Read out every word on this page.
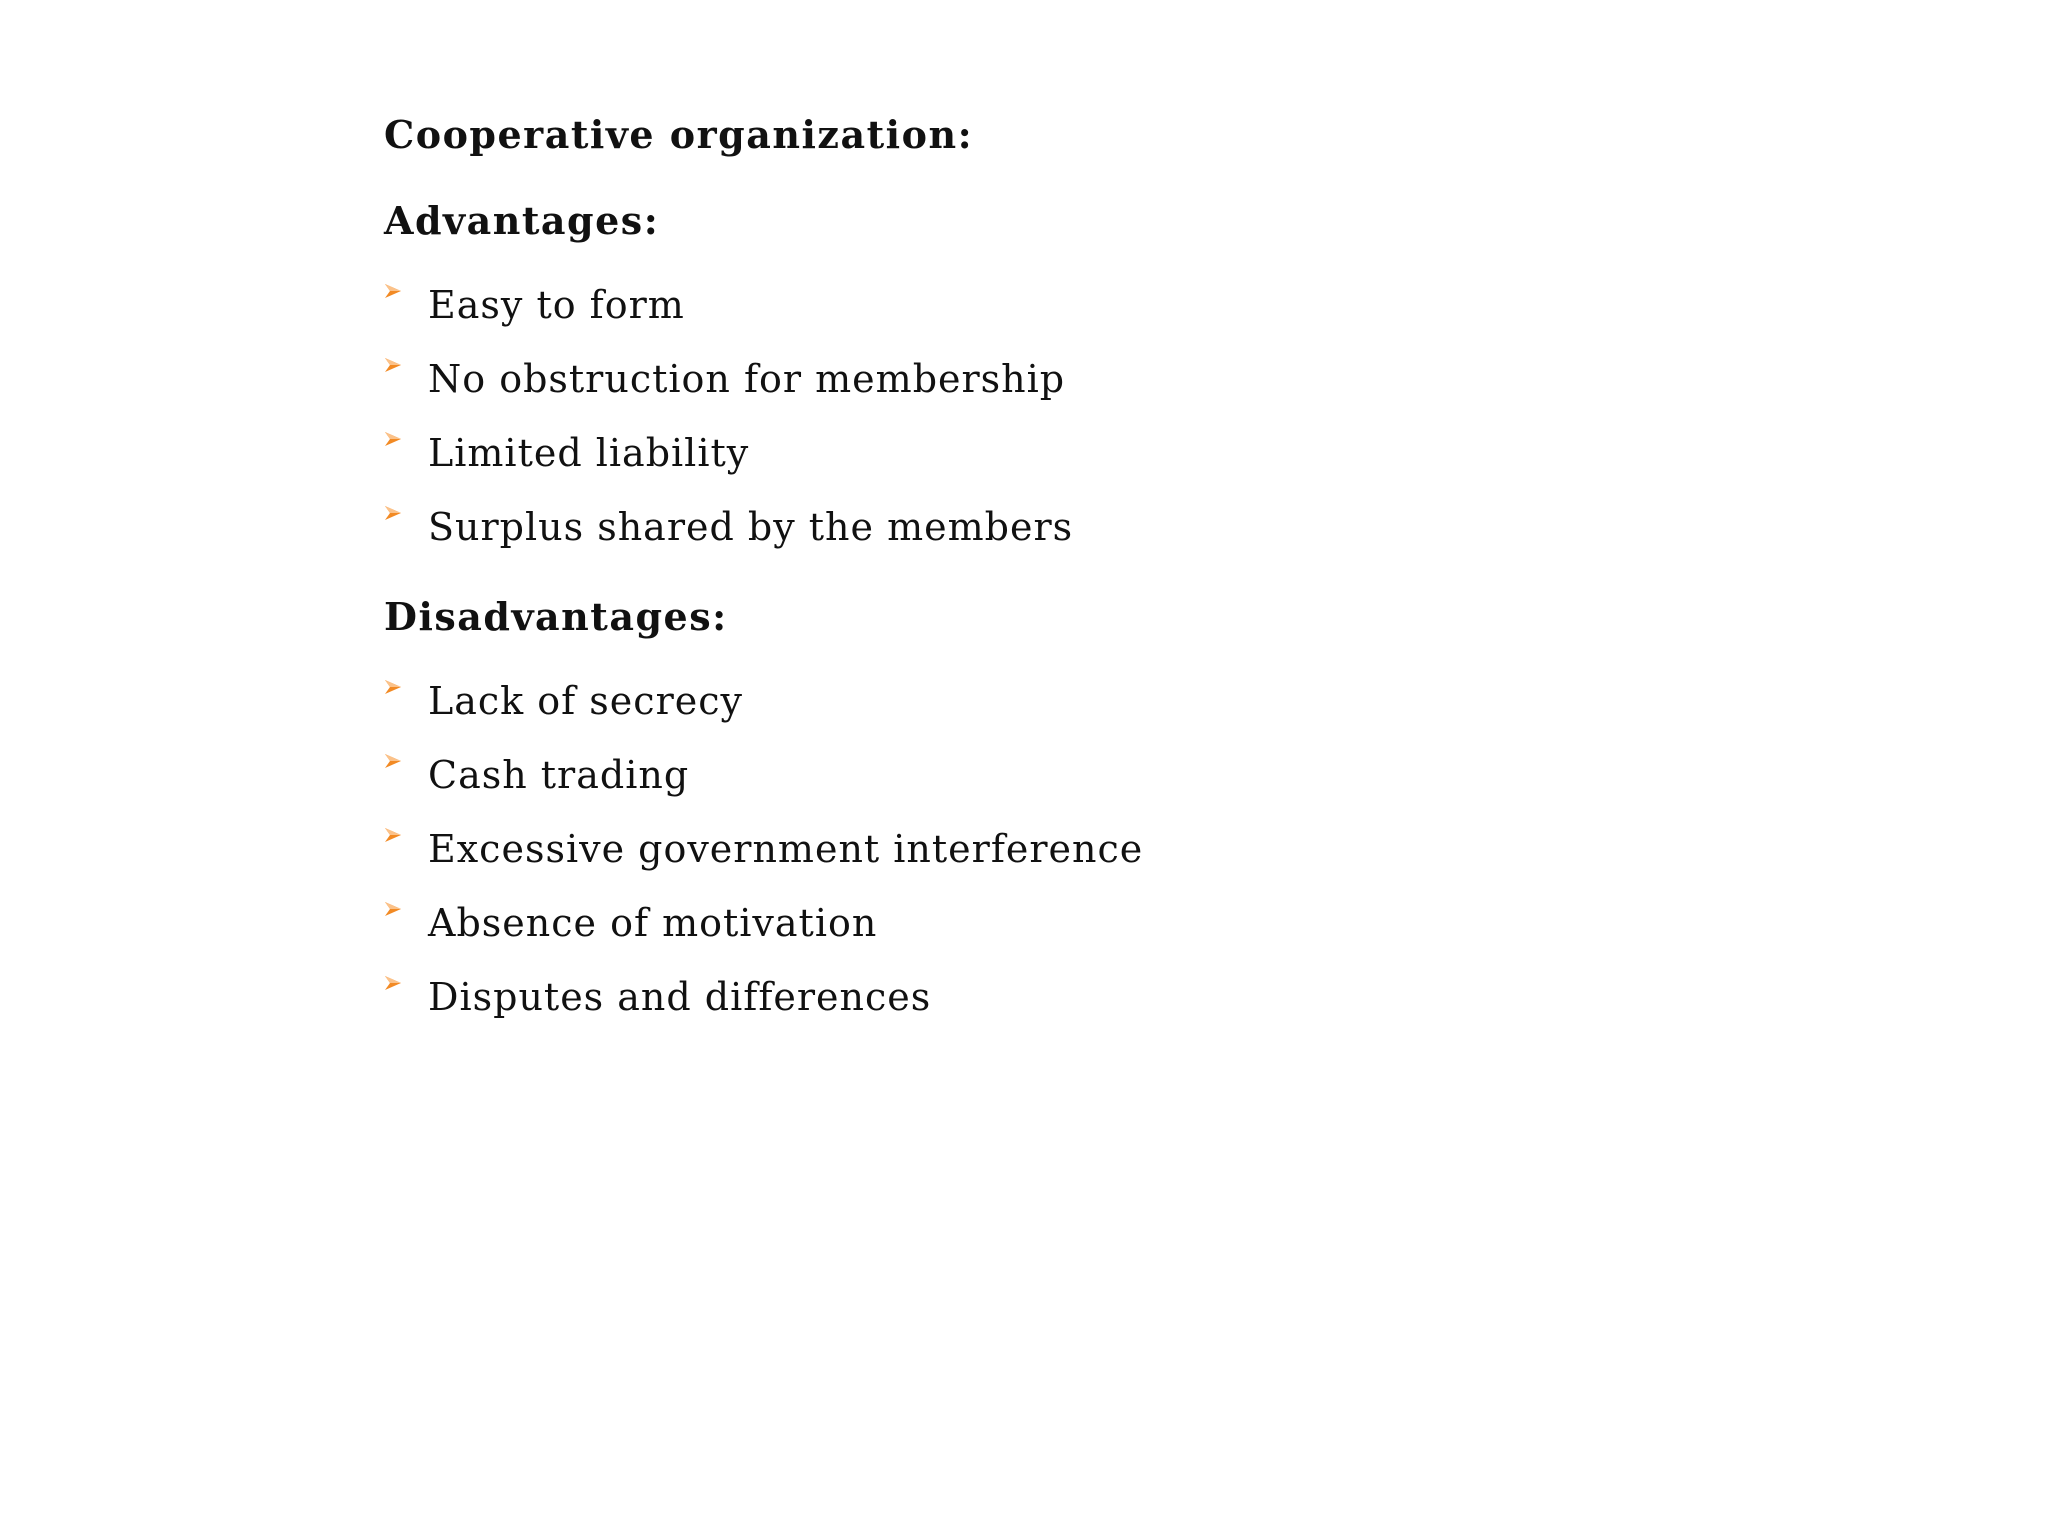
Cooperative organization:
Advantages:
Easy to form
No obstruction for membership
Limited liability
Surplus shared by the members
Disadvantages:
Lack of secrecy
Cash trading
Excessive government interference
Absence of motivation
Disputes and differences
